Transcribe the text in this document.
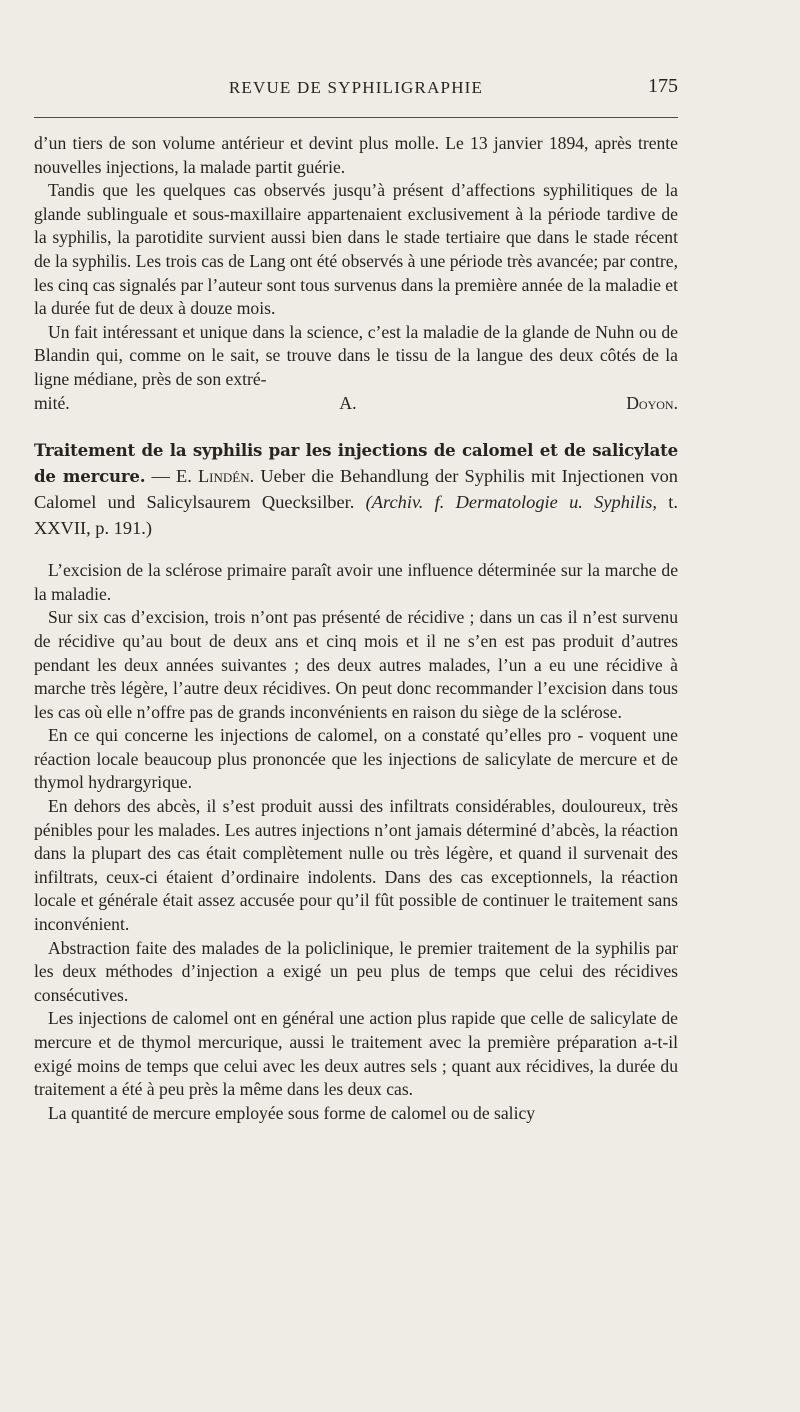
REVUE DE SYPHILIGRAPHIE	175

d’un tiers de son volume antérieur et devint plus molle. Le 13 janvier 1894, après trente nouvelles injections, la malade partit guérie.

Tandis que les quelques cas observés jusqu’à présent d’affections syphilitiques de la glande sublinguale et sous-maxillaire appartenaient exclusivement à la période tardive de la syphilis, la parotidite survient aussi bien dans le stade tertiaire que dans le stade récent de la syphilis. Les trois cas de Lang ont été observés à une période très avancée; par contre, les cinq cas signalés par l’auteur sont tous survenus dans la première année de la maladie et la durée fut de deux à douze mois.

Un fait intéressant et unique dans la science, c’est la maladie de la glande de Nuhn ou de Blandin qui, comme on le sait, se trouve dans le tissu de la langue des deux côtés de la ligne médiane, près de son extré-

mité.	A. Doyon.
Traitement de la syphilis par les injections de calomel et de salicylate de mercure. — E. Lindén. Ueber die Behandlung der Syphilis mit Injectionen von Calomel und Salicylsaurem Quecksilber. (Archiv. f. Dermatologie u. Syphilis, t. XXVII, p. 191.)

L’excision de la sclérose primaire paraît avoir une influence déterminée sur la marche de la maladie.

Sur six cas d’excision, trois n’ont pas présenté de récidive ; dans un cas il n’est survenu de récidive qu’au bout de deux ans et cinq mois et il ne s’en est pas produit d’autres pendant les deux années suivantes ; des deux autres malades, l’un a eu une récidive à marche très légère, l’autre deux récidives. On peut donc recommander l’excision dans tous les cas où elle n’offre pas de grands inconvénients en raison du siège de la sclérose.

En ce qui concerne les injections de calomel, on a constaté qu’elles pro - voquent une réaction locale beaucoup plus prononcée que les injections de salicylate de mercure et de thymol hydrargyrique.

En dehors des abcès, il s’est produit aussi des infiltrats considérables, douloureux, très pénibles pour les malades. Les autres injections n’ont jamais déterminé d’abcès, la réaction dans la plupart des cas était complètement nulle ou très légère, et quand il survenait des infiltrats, ceux-ci étaient d’ordinaire indolents. Dans des cas exceptionnels, la réaction locale et générale était assez accusée pour qu’il fût possible de continuer le traitement sans inconvénient.

Abstraction faite des malades de la policlinique, le premier traitement de la syphilis par les deux méthodes d’injection a exigé un peu plus de temps que celui des récidives consécutives.

Les injections de calomel ont en général une action plus rapide que celle de salicylate de mercure et de thymol mercurique, aussi le traitement avec la première préparation a-t-il exigé moins de temps que celui avec les deux autres sels ; quant aux récidives, la durée du traitement a été à peu près la même dans les deux cas.

La quantité de mercure employée sous forme de calomel ou de salicy
